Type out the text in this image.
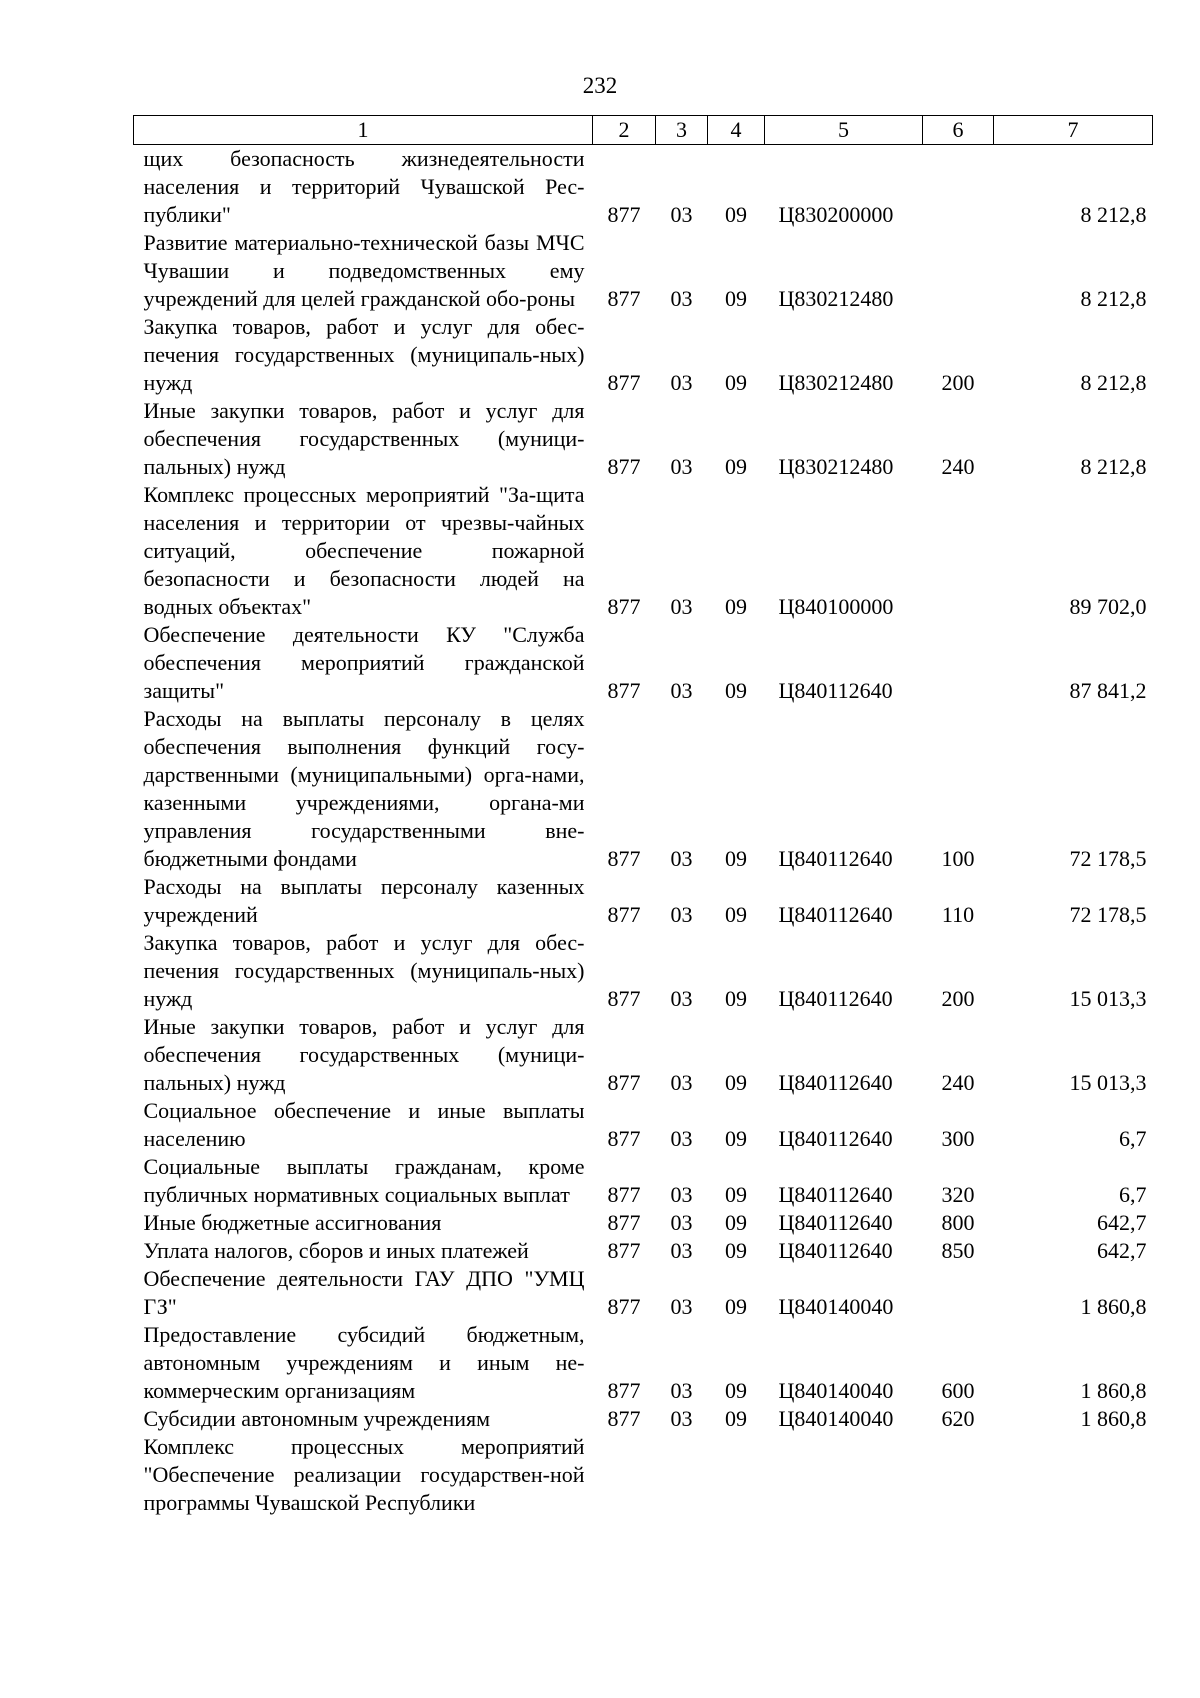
232
1	2	3	4	5	6	7
щих безопасность жизнедеятельности населения и территорий Чувашской Рес-публики"	877	03	09	Ц830200000		8 212,8
Развитие материально-технической базы МЧС Чувашии и подведомственных ему учреждений для целей гражданской обо-роны	877	03	09	Ц830212480		8 212,8
Закупка товаров, работ и услуг для обес-печения государственных (муниципаль-ных) нужд	877	03	09	Ц830212480	200	8 212,8
Иные закупки товаров, работ и услуг для обеспечения государственных (муници-пальных) нужд	877	03	09	Ц830212480	240	8 212,8
Комплекс процессных мероприятий "За-щита населения и территории от чрезвы-чайных ситуаций, обеспечение пожарной безопасности и безопасности людей на водных объектах"	877	03	09	Ц840100000		89 702,0
Обеспечение деятельности КУ "Служба обеспечения мероприятий гражданской защиты"	877	03	09	Ц840112640		87 841,2
Расходы на выплаты персоналу в целях обеспечения выполнения функций госу-дарственными (муниципальными) орга-нами, казенными учреждениями, органа-ми управления государственными вне-бюджетными фондами	877	03	09	Ц840112640	100	72 178,5
Расходы на выплаты персоналу казенных учреждений	877	03	09	Ц840112640	110	72 178,5
Закупка товаров, работ и услуг для обес-печения государственных (муниципаль-ных) нужд	877	03	09	Ц840112640	200	15 013,3
Иные закупки товаров, работ и услуг для обеспечения государственных (муници-пальных) нужд	877	03	09	Ц840112640	240	15 013,3
Социальное обеспечение и иные выплаты населению	877	03	09	Ц840112640	300	6,7
Социальные выплаты гражданам, кроме публичных нормативных социальных выплат	877	03	09	Ц840112640	320	6,7
Иные бюджетные ассигнования	877	03	09	Ц840112640	800	642,7
Уплата налогов, сборов и иных платежей	877	03	09	Ц840112640	850	642,7
Обеспечение деятельности ГАУ ДПО "УМЦ ГЗ"	877	03	09	Ц840140040		1 860,8
Предоставление субсидий бюджетным, автономным учреждениям и иным не-коммерческим организациям	877	03	09	Ц840140040	600	1 860,8
Субсидии автономным учреждениям	877	03	09	Ц840140040	620	1 860,8
Комплекс процессных мероприятий "Обеспечение реализации государствен-ной программы Чувашской Республики						
